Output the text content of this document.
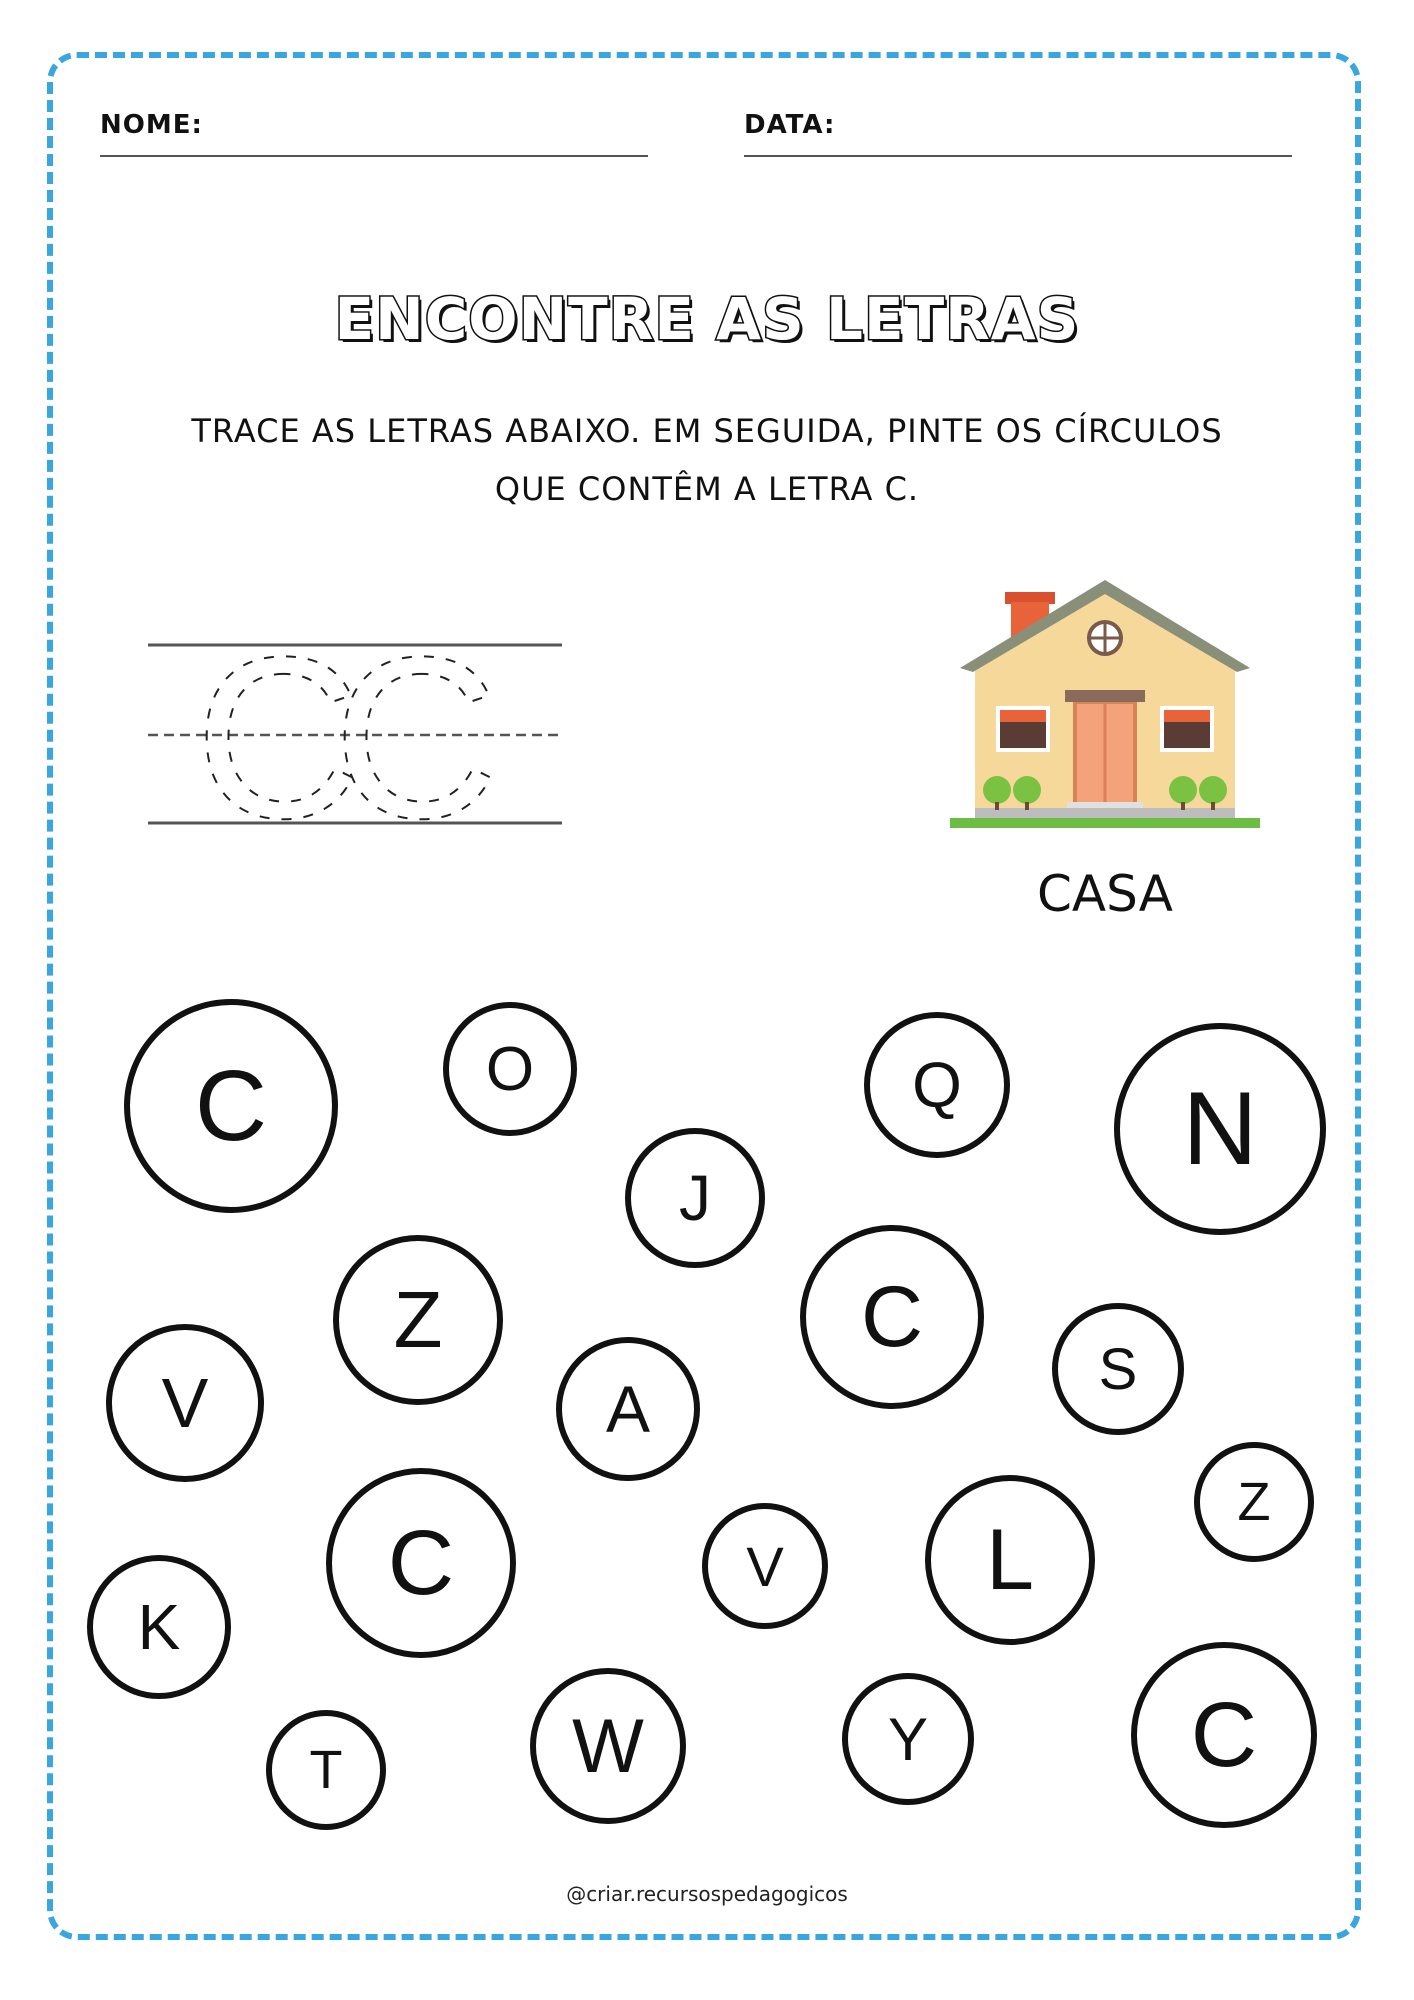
NOME:	DATA:
ENCONTRE AS LETRAS
TRACE AS LETRAS ABAIXO. EM SEGUIDA, PINTE OS CÍRCULOS
QUE CONTÊM A LETRA C.
C
C
CASA
C	O	Q	N
J
Z	C
V	A
S
Z
C	V	L
K
T	W	Y	C
@criar.recursospedagogicos
